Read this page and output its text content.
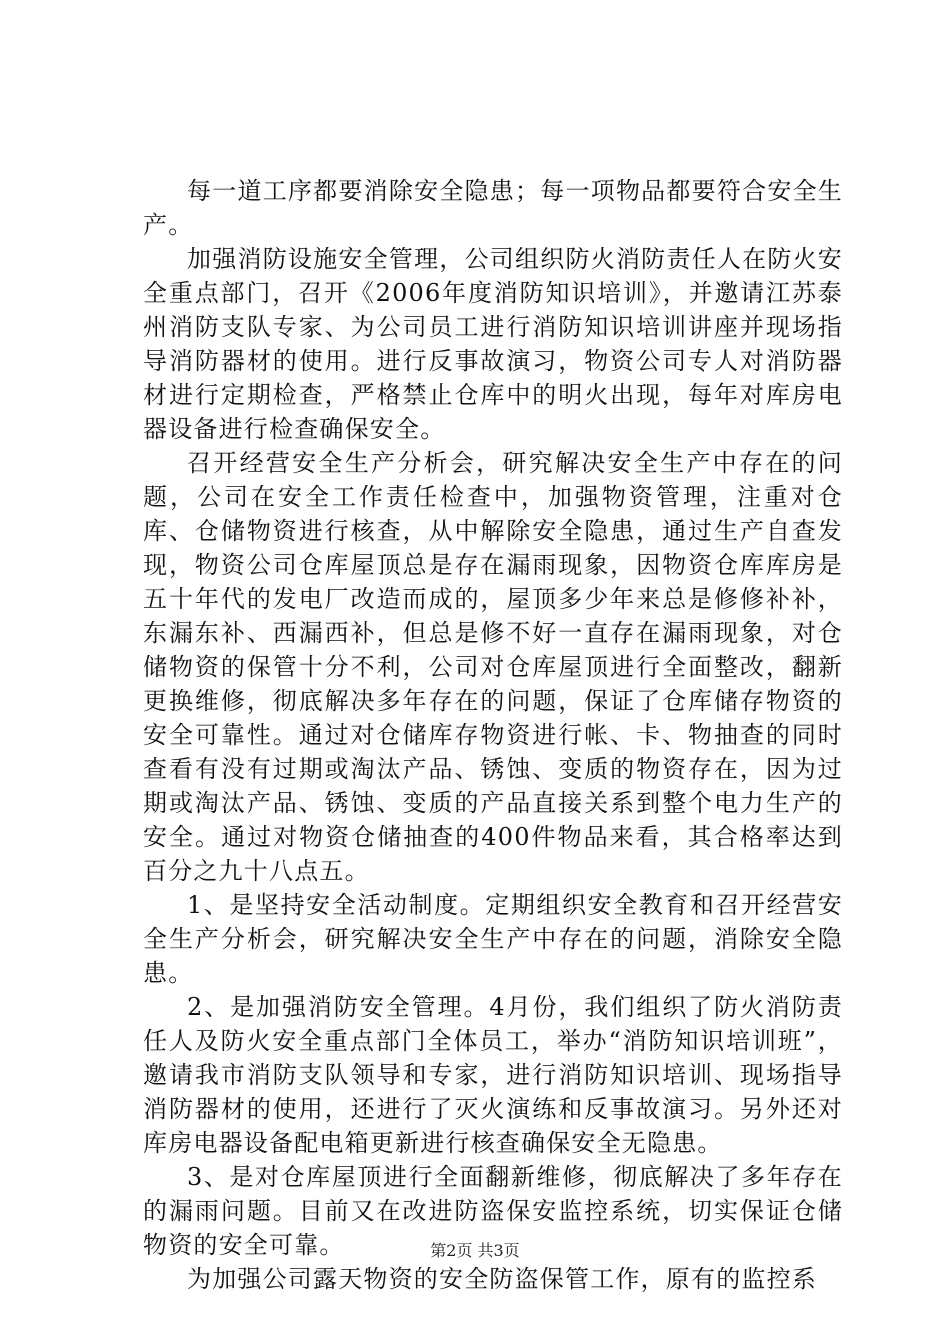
每一道工序都要消除安全隐患；每一项物品都要符合安全生产。

加强消防设施安全管理，公司组织防火消防责任人在防火安全重点部门，召开《2006年度消防知识培训》，并邀请江苏泰州消防支队专家、为公司员工进行消防知识培训讲座并现场指导消防器材的使用。进行反事故演习，物资公司专人对消防器材进行定期检查，严格禁止仓库中的明火出现，每年对库房电器设备进行检查确保安全。

召开经营安全生产分析会，研究解决安全生产中存在的问题，公司在安全工作责任检查中，加强物资管理，注重对仓库、仓储物资进行核查，从中解除安全隐患，通过生产自查发现，物资公司仓库屋顶总是存在漏雨现象，因物资仓库库房是五十年代的发电厂改造而成的，屋顶多少年来总是修修补补，东漏东补、西漏西补，但总是修不好一直存在漏雨现象，对仓储物资的保管十分不利，公司对仓库屋顶进行全面整改，翻新更换维修，彻底解决多年存在的问题，保证了仓库储存物资的安全可靠性。通过对仓储库存物资进行帐、卡、物抽查的同时查看有没有过期或淘汰产品、锈蚀、变质的物资存在，因为过期或淘汰产品、锈蚀、变质的产品直接关系到整个电力生产的安全。通过对物资仓储抽查的400件物品来看，其合格率达到百分之九十八点五。

1、是坚持安全活动制度。定期组织安全教育和召开经营安全生产分析会，研究解决安全生产中存在的问题，消除安全隐患。

2、是加强消防安全管理。4月份，我们组织了防火消防责任人及防火安全重点部门全体员工，举办“消防知识培训班”，邀请我市消防支队领导和专家，进行消防知识培训、现场指导消防器材的使用，还进行了灭火演练和反事故演习。另外还对库房电器设备配电箱更新进行核查确保安全无隐患。

3、是对仓库屋顶进行全面翻新维修，彻底解决了多年存在的漏雨问题。目前又在改进防盗保安监控系统，切实保证仓储物资的安全可靠。

为加强公司露天物资的安全防盗保管工作，原有的监控系

第2页 共3页
